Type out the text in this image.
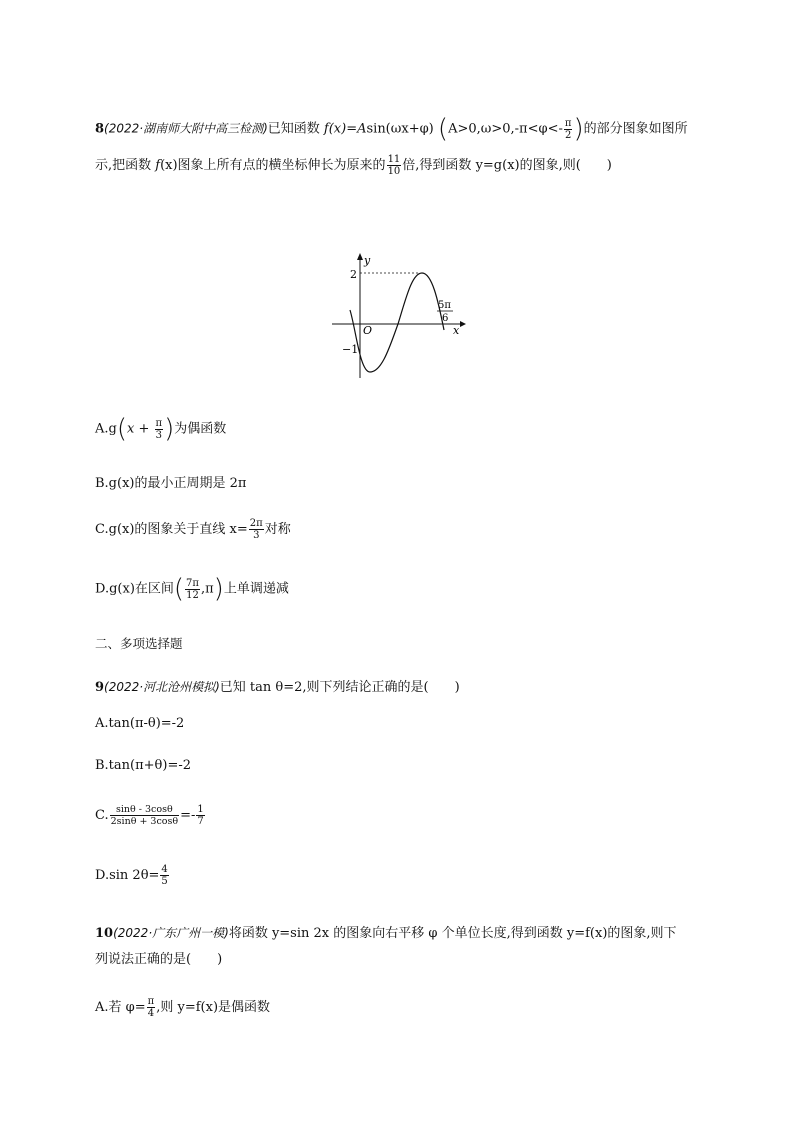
8(2022·湖南师大附中高三检测)已知函数 f(x)=Asin(ωx+φ) ($A>0,\omega>0,-\pi<\varphi<- \frac{\pi}{2}$ )的部分图象如图所
示,把函数 f(x)图象上所有点的横坐标伸长为原来的 $\frac{11}{10}$ 倍,得到函数 y=g(x)的图象,则(　　)
y
x
O
2
−1
5π
6
$A.g(x + \frac{\pi}{3}$ )为偶函数
B.g(x)的最小正周期是 2π
C.g(x)的图象关于直线 $x= \frac{2\pi}{3}$ 对称
D.g(x)在区间( $\frac{7\pi}{12} ,\pi$)上单调递减
二、多项选择题
9(2022·河北沧州模拟)已知 tan θ=2,则下列结论正确的是(　　)
A.tan(π-θ)=-2
B.tan(π+θ)=-2
C. $\frac{\sin\theta - 3\cos\theta}{2\sin\theta + 3\cos\theta} =- \frac{1}{7}$
D.sin $2\theta= \frac{4}{5}$
10(2022·广东广州一模)将函数 y=sin 2x 的图象向右平移 φ 个单位长度,得到函数 y=f(x)的图象,则下
列说法正确的是(　　)
A.若 $\varphi= \frac{\pi}{4}$ ,则 y=f(x)是偶函数
